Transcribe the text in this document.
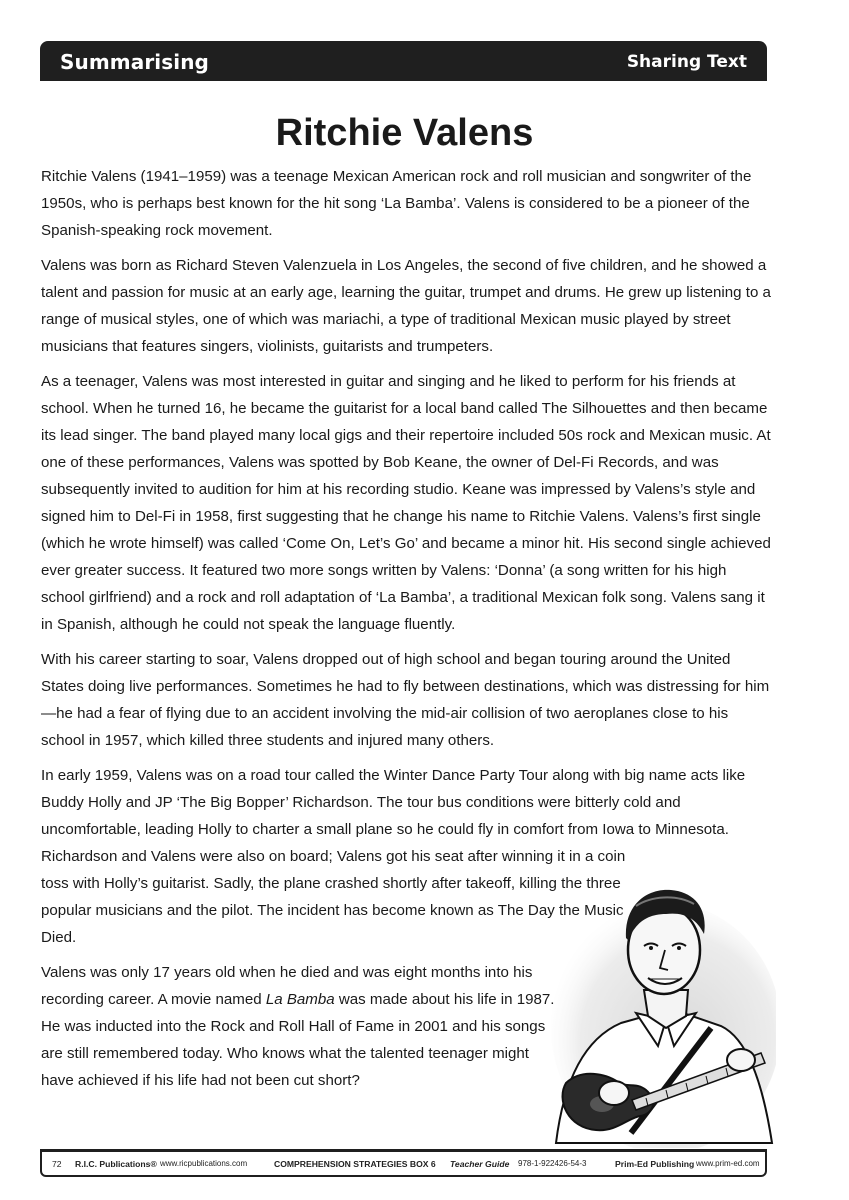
Summarising	Sharing Text
Ritchie Valens

Ritchie Valens (1941–1959) was a teenage Mexican American rock and roll musician and songwriter of the 1950s, who is perhaps best known for the hit song ‘La Bamba’. Valens is considered to be a pioneer of the Spanish-speaking rock movement.

Valens was born as Richard Steven Valenzuela in Los Angeles, the second of five children, and he showed a talent and passion for music at an early age, learning the guitar, trumpet and drums. He grew up listening to a range of musical styles, one of which was mariachi, a type of traditional Mexican music played by street musicians that features singers, violinists, guitarists and trumpeters.

As a teenager, Valens was most interested in guitar and singing and he liked to perform for his friends at school. When he turned 16, he became the guitarist for a local band called The Silhouettes and then became its lead singer. The band played many local gigs and their repertoire included 50s rock and Mexican music. At one of these performances, Valens was spotted by Bob Keane, the owner of Del-Fi Records, and was subsequently invited to audition for him at his recording studio. Keane was impressed by Valens’s style and signed him to Del-Fi in 1958, first suggesting that he change his name to Ritchie Valens. Valens’s first single (which he wrote himself) was called ‘Come On, Let’s Go’ and became a minor hit. His second single achieved ever greater success. It featured two more songs written by Valens: ‘Donna’ (a song written for his high school girlfriend) and a rock and roll adaptation of ‘La Bamba’, a traditional Mexican folk song. Valens sang it in Spanish, although he could not speak the language fluently.

With his career starting to soar, Valens dropped out of high school and began touring around the United States doing live performances. Sometimes he had to fly between destinations, which was distressing for him—he had a fear of flying due to an accident involving the mid-air collision of two aeroplanes close to his school in 1957, which killed three students and injured many others.

In early 1959, Valens was on a road tour called the Winter Dance Party Tour along with big name acts like Buddy Holly and JP ‘The Big Bopper’ Richardson. The tour bus conditions were bitterly cold and uncomfortable, leading Holly to charter a small plane so he could fly in comfort from Iowa to Minnesota.

Richardson and Valens were also on board; Valens got his seat after winning it in a coin toss with Holly’s guitarist. Sadly, the plane crashed shortly after takeoff, killing the three popular musicians and the pilot. The incident has become known as The Day the Music Died.

Valens was only 17 years old when he died and was eight months into his recording career. A movie named La Bamba was made about his life in 1987. He was inducted into the Rock and Roll Hall of Fame in 2001 and his songs are still remembered today. Who knows what the talented teenager might have achieved if his life had not been cut short?

72 R.I.C. Publications® www.ricpublications.com	COMPREHENSION STRATEGIES BOX 6 Teacher Guide 978-1-922426-54-3	Prim-Ed Publishing www.prim-ed.com
